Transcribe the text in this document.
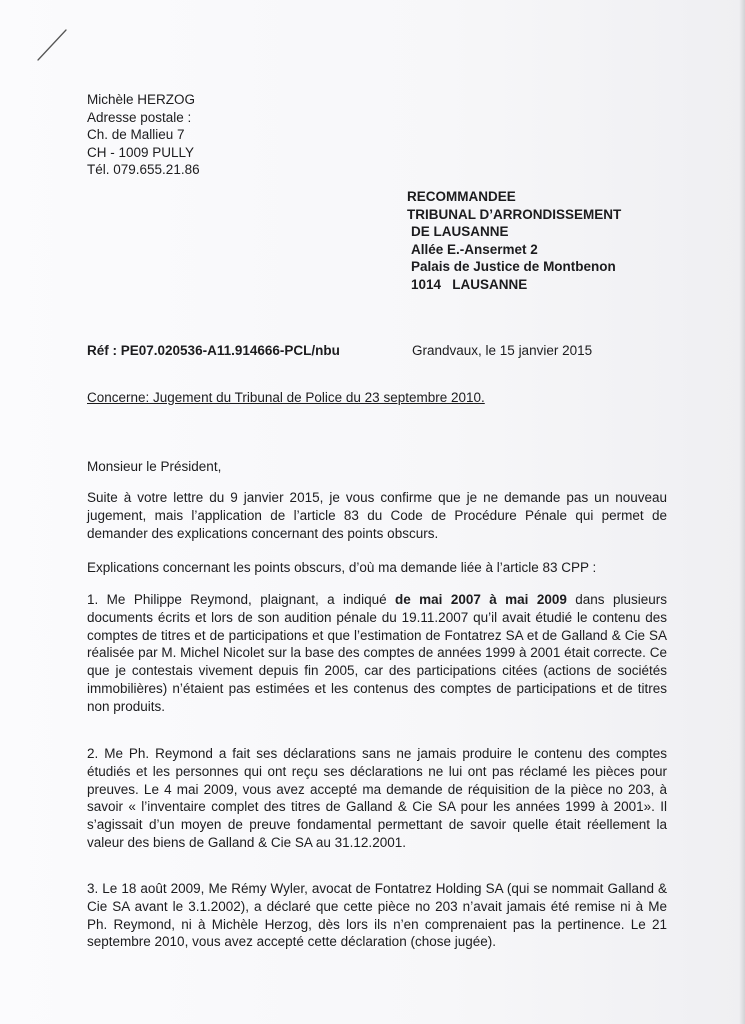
Michèle HERZOG
Adresse postale :
Ch. de Mallieu 7
CH - 1009 PULLY
Tél. 079.655.21.86
RECOMMANDEE
TRIBUNAL D’ARRONDISSEMENT
DE LAUSANNE
Allée E.-Ansermet 2
Palais de Justice de Montbenon
1014   LAUSANNE
Réf : PE07.020536-A11.914666-PCL/nbu	Grandvaux, le 15 janvier 2015
Concerne: Jugement du Tribunal de Police du 23 septembre 2010.
Monsieur le Président,

Suite à votre lettre du 9 janvier 2015, je vous confirme que je ne demande pas un nouveau jugement, mais l’application de l’article 83 du Code de Procédure Pénale qui permet de demander des explications concernant des points obscurs.

Explications concernant les points obscurs, d’où ma demande liée à l’article 83 CPP :

1. Me Philippe Reymond, plaignant, a indiqué de mai 2007 à mai 2009 dans plusieurs documents écrits et lors de son audition pénale du 19.11.2007 qu’il avait étudié le contenu des comptes de titres et de participations et que l’estimation de Fontatrez SA et de Galland & Cie SA réalisée par M. Michel Nicolet sur la base des comptes de années 1999 à 2001 était correcte. Ce que je contestais vivement depuis fin 2005, car des participations citées (actions de sociétés immobilières) n’étaient pas estimées et les contenus des comptes de participations et de titres non produits.

2. Me Ph. Reymond a fait ses déclarations sans ne jamais produire le contenu des comptes étudiés et les personnes qui ont reçu ses déclarations ne lui ont pas réclamé les pièces pour preuves. Le 4 mai 2009, vous avez accepté ma demande de réquisition de la pièce no 203, à savoir « l’inventaire complet des titres de Galland & Cie SA pour les années 1999 à 2001». Il s’agissait d’un moyen de preuve fondamental permettant de savoir quelle était réellement la valeur des biens de Galland & Cie SA au 31.12.2001.

3. Le 18 août 2009, Me Rémy Wyler, avocat de Fontatrez Holding SA (qui se nommait Galland & Cie SA avant le 3.1.2002), a déclaré que cette pièce no 203 n’avait jamais été remise ni à Me Ph. Reymond, ni à Michèle Herzog, dès lors ils n’en comprenaient pas la pertinence. Le 21 septembre 2010, vous avez accepté cette déclaration (chose jugée).
